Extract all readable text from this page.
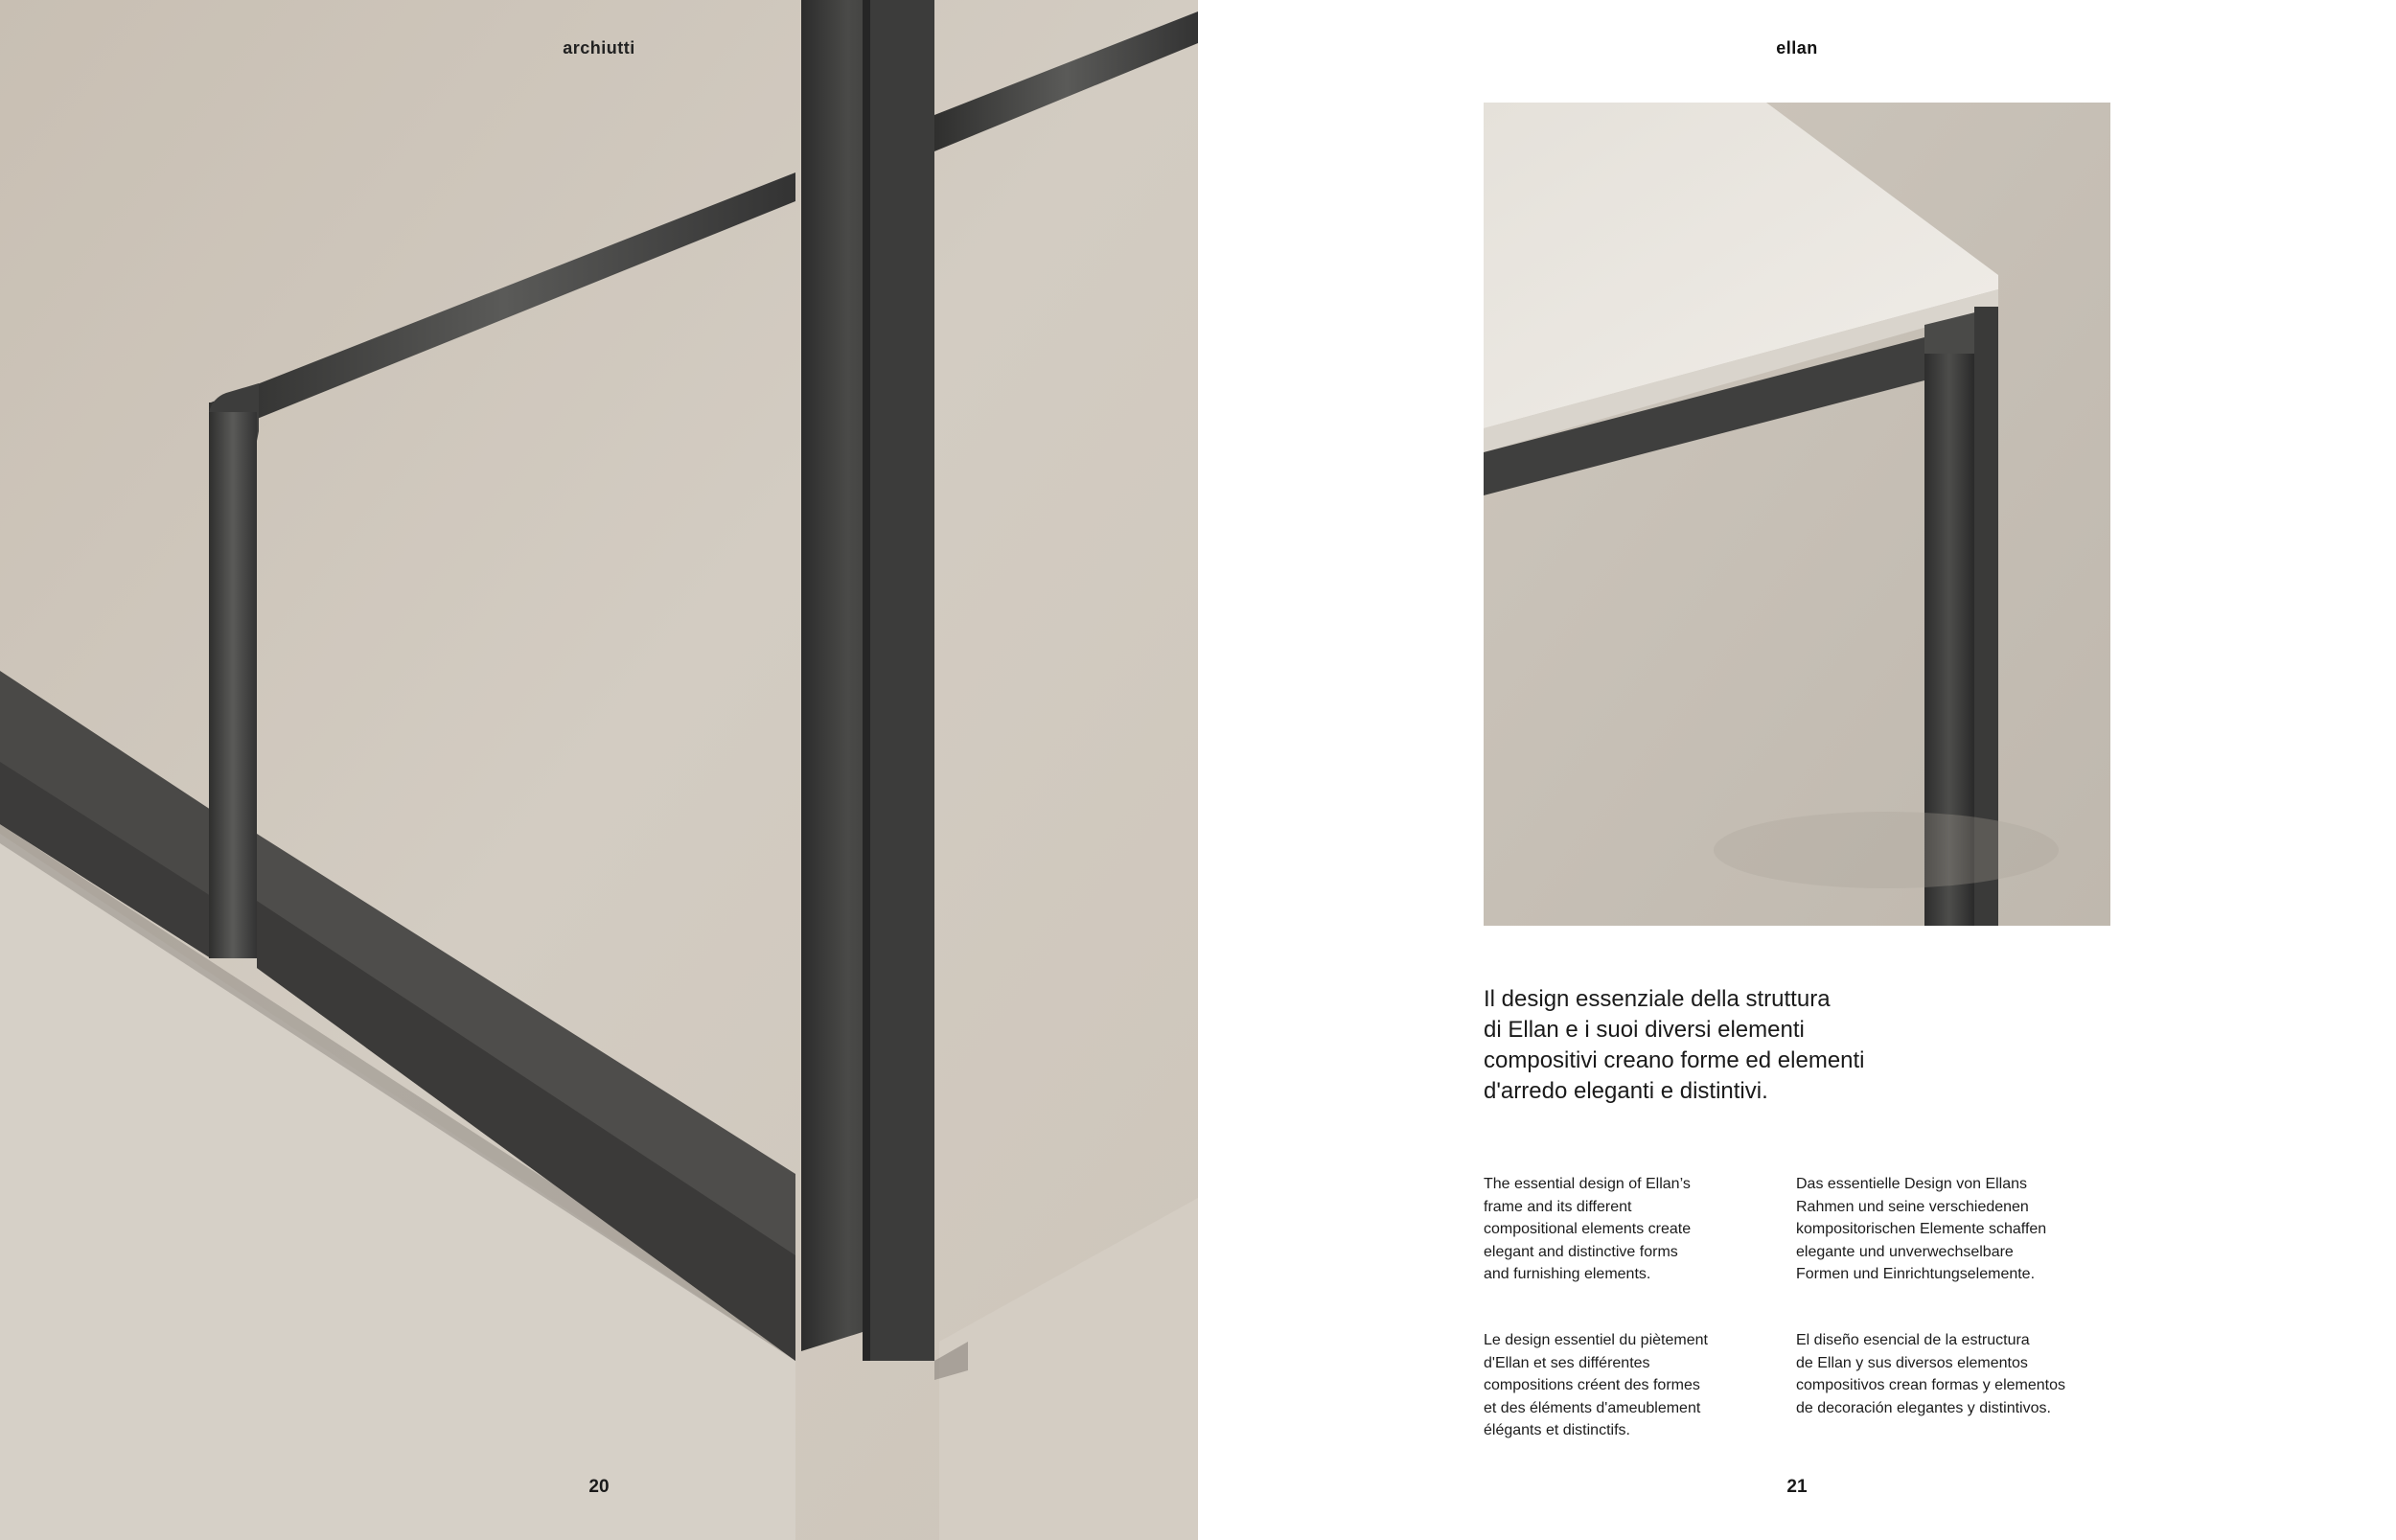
archiutti
20
ellan

Il design essenziale della struttura
di Ellan e i suoi diversi elementi
compositivi creano forme ed elementi
d'arredo eleganti e distintivi.

The essential design of Ellan’s
frame and its different
compositional elements create
elegant and distinctive forms
and furnishing elements.

Das essentielle Design von Ellans
Rahmen und seine verschiedenen
kompositorischen Elemente schaffen
elegante und unverwechselbare
Formen und Einrichtungselemente.

Le design essentiel du piètement
d'Ellan et ses différentes
compositions créent des formes
et des éléments d'ameublement
élégants et distinctifs.

El diseño esencial de la estructura
de Ellan y sus diversos elementos
compositivos crean formas y elementos
de decoración elegantes y distintivos.

21
